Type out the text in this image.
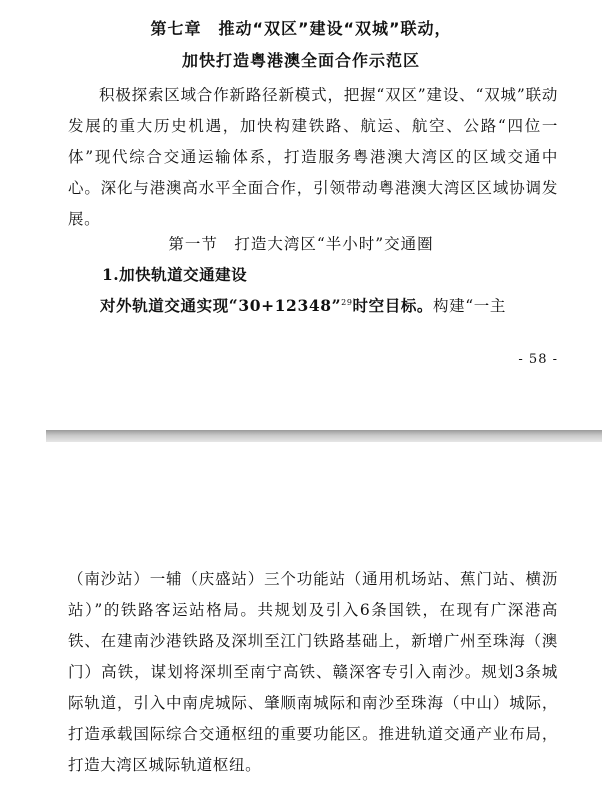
第七章　推动“双区”建设“双城”联动，
加快打造粤港澳全面合作示范区

积极探索区域合作新路径新模式，把握“双区”建设、“双城”联动发展的重大历史机遇，加快构建铁路、航运、航空、公路“四位一体”现代综合交通运输体系，打造服务粤港澳大湾区的区域交通中心。深化与港澳高水平全面合作，引领带动粤港澳大湾区区域协调发展。

第一节　打造大湾区“半小时”交通圈
1.加快轨道交通建设
对外轨道交通实现“30+12348”$^{29}$时空目标。构建“一主
- 58 -

（南沙站）一辅（庆盛站）三个功能站（通用机场站、蕉门站、横沥站）”的铁路客运站格局。共规划及引入6条国铁，在现有广深港高铁、在建南沙港铁路及深圳至江门铁路基础上，新增广州至珠海（澳门）高铁，谋划将深圳至南宁高铁、赣深客专引入南沙。规划3条城际轨道，引入中南虎城际、肇顺南城际和南沙至珠海（中山）城际，打造承载国际综合交通枢纽的重要功能区。推进轨道交通产业布局，打造大湾区城际轨道枢纽。
